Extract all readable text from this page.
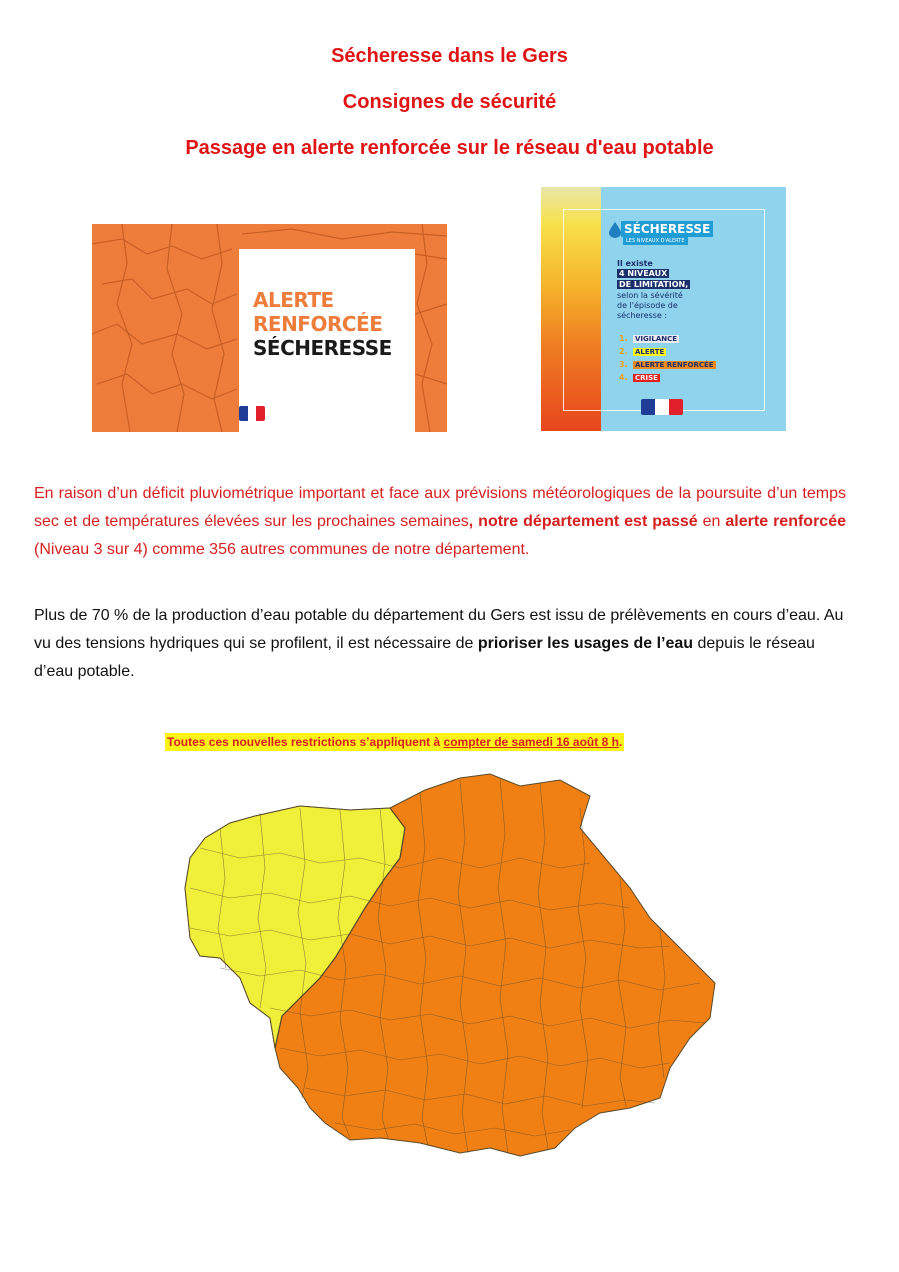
Sécheresse dans le Gers
Consignes de sécurité
Passage en alerte renforcée sur le réseau d'eau potable
ALERTE
RENFORCÉE
SÉCHERESSE
SÉCHERESSE
LES NIVEAUX D'ALERTE
Il existe
4 NIVEAUX
DE LIMITATION,
selon la sévérité
de l'épisode de
sécheresse :
1. VIGILANCE
2. ALERTE
3. ALERTE RENFORCÉE
4. CRISE
En raison d’un déficit pluviométrique important et face aux prévisions météorologiques de la poursuite d’un temps sec et de températures élevées sur les prochaines semaines, notre département est passé en alerte renforcée (Niveau 3 sur 4) comme 356 autres communes de notre département.
Plus de 70 % de la production d’eau potable du département du Gers est issu de prélèvements en cours d’eau. Au vu des tensions hydriques qui se profilent, il est nécessaire de prioriser les usages de l’eau depuis le réseau d’eau potable.
Toutes ces nouvelles restrictions s’appliquent à compter de samedi 16 août 8 h.
